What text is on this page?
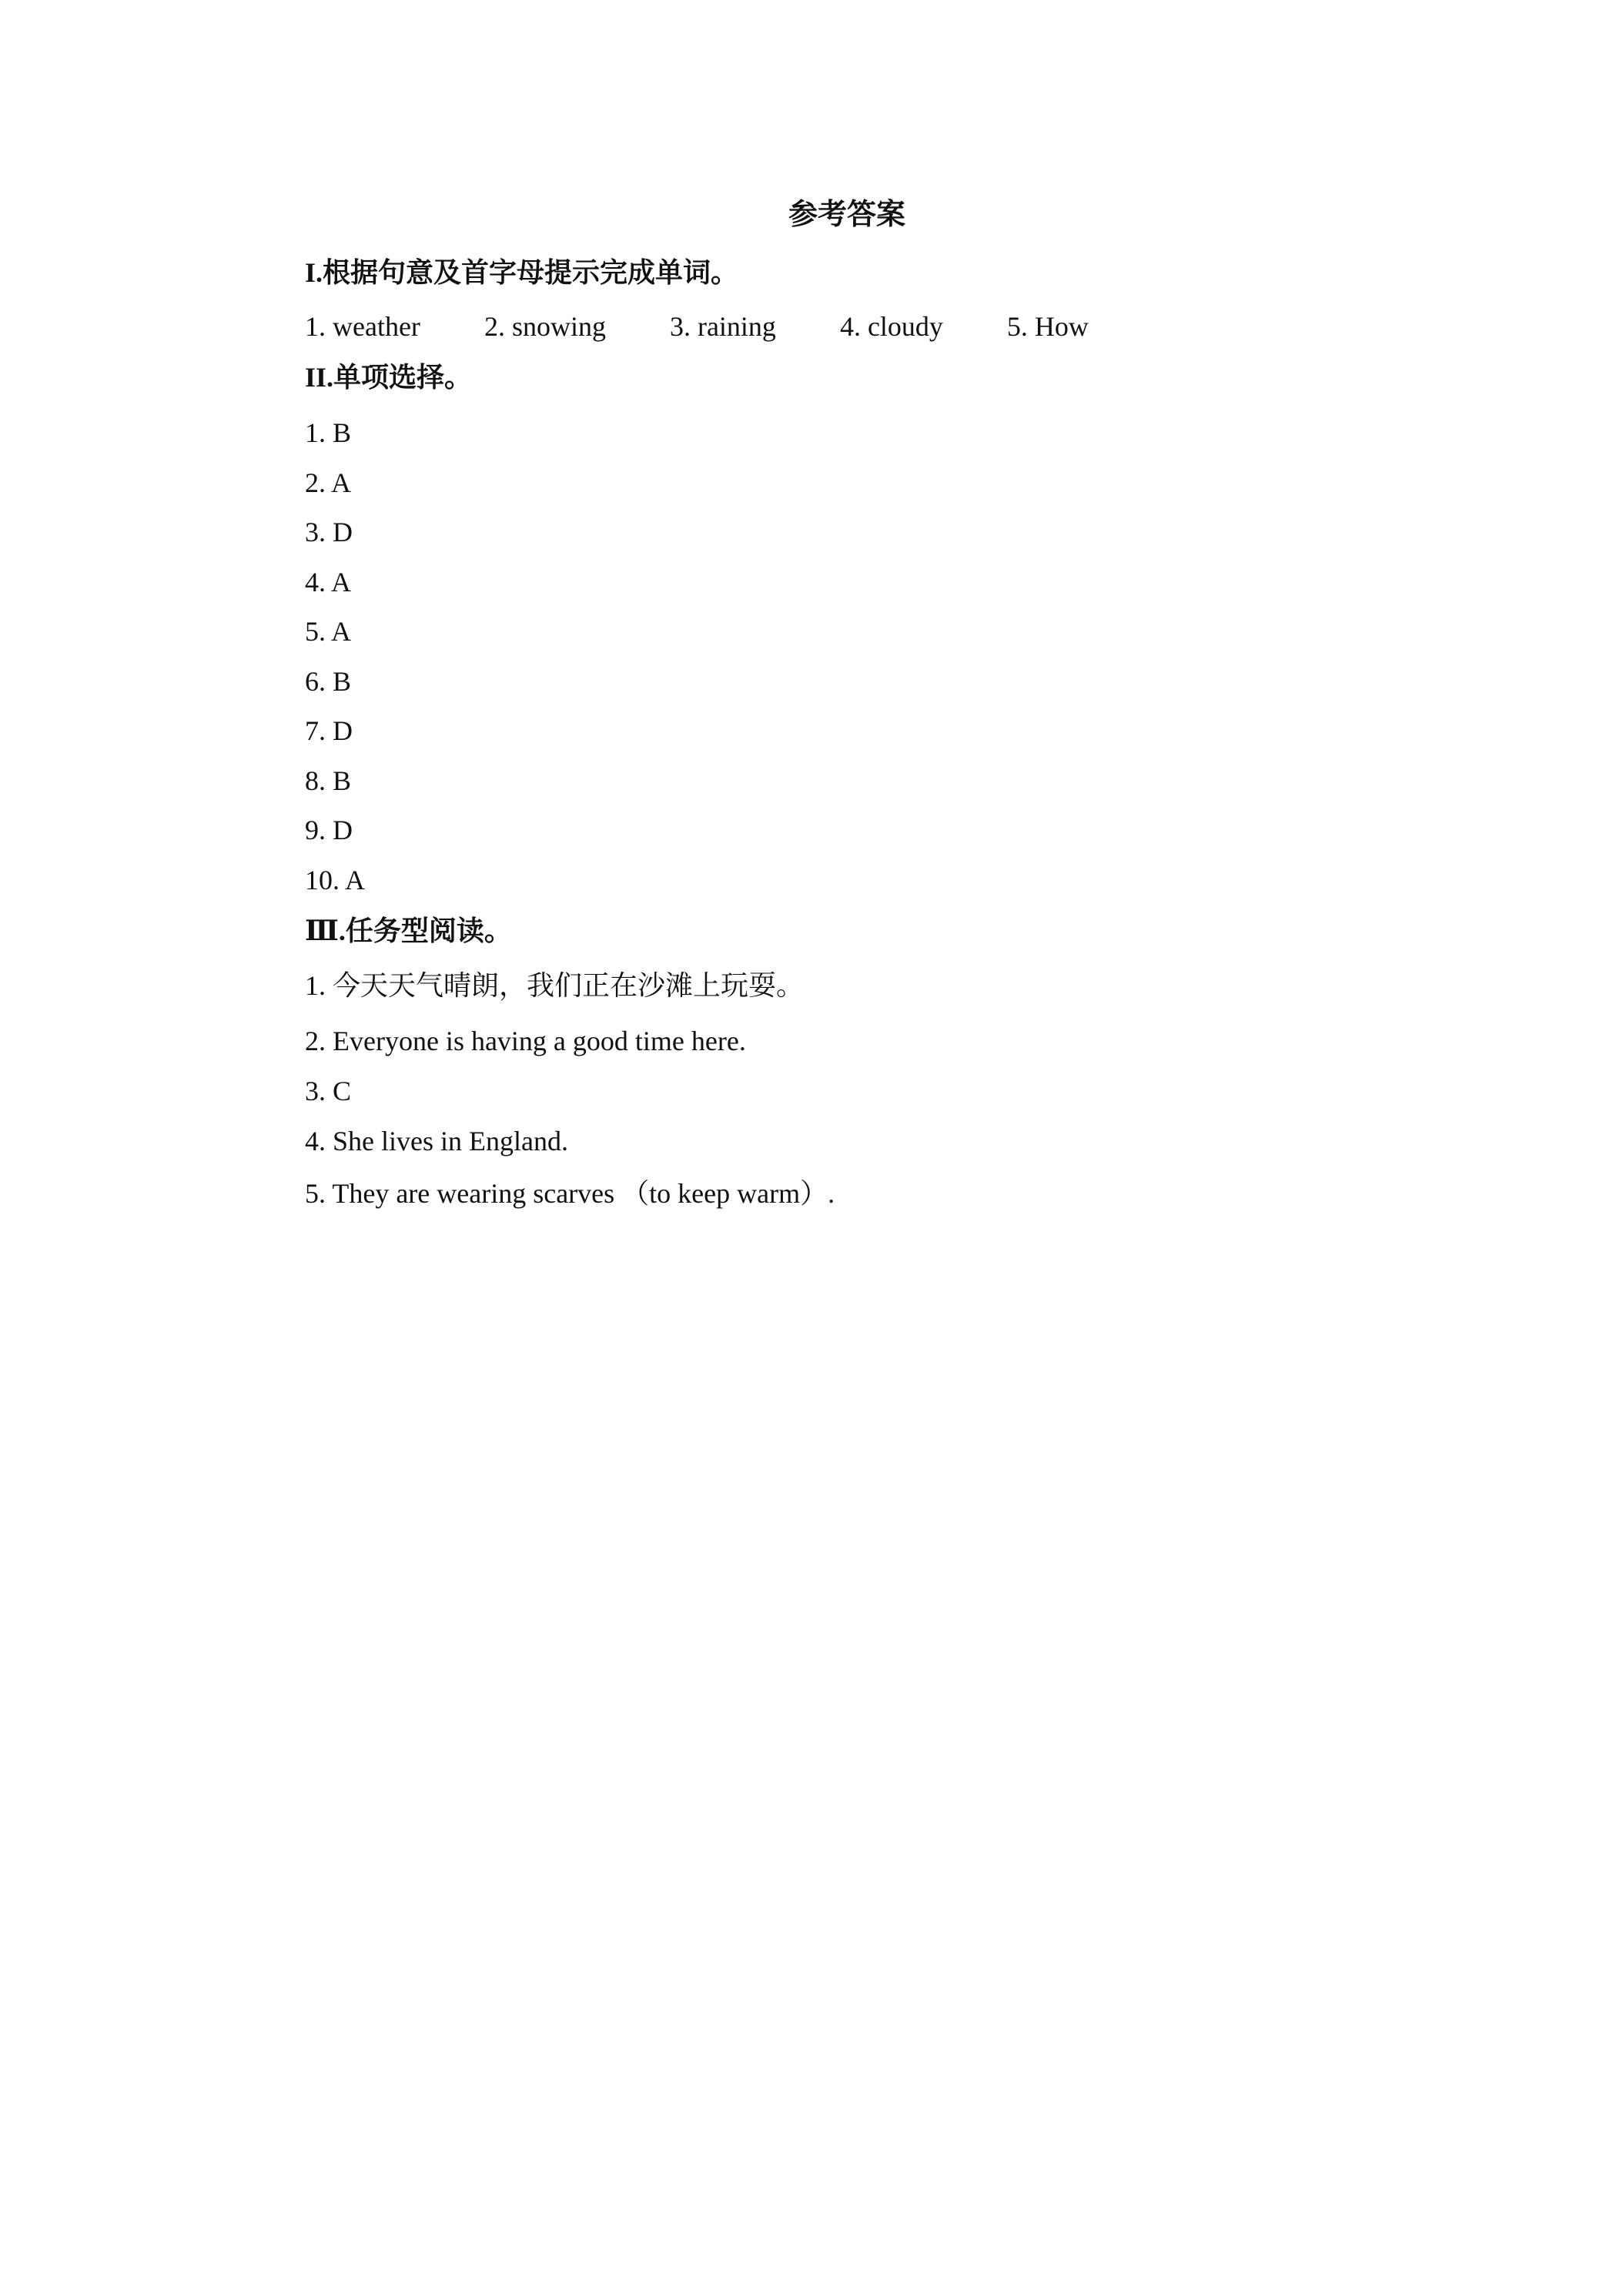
参考答案
I.根据句意及首字母提示完成单词。
1. weather 2. snowing 3. raining 4. cloudy 5. How
II.单项选择。
1. B
2. A
3. D
4. A
5. A
6. B
7. D
8. B
9. D
10. A
Ⅲ.任务型阅读。
1. 今天天气晴朗，我们正在沙滩上玩耍。
2. Everyone is having a good time here.
3. C
4. She lives in England.
5. They are wearing scarves （to keep warm）.
